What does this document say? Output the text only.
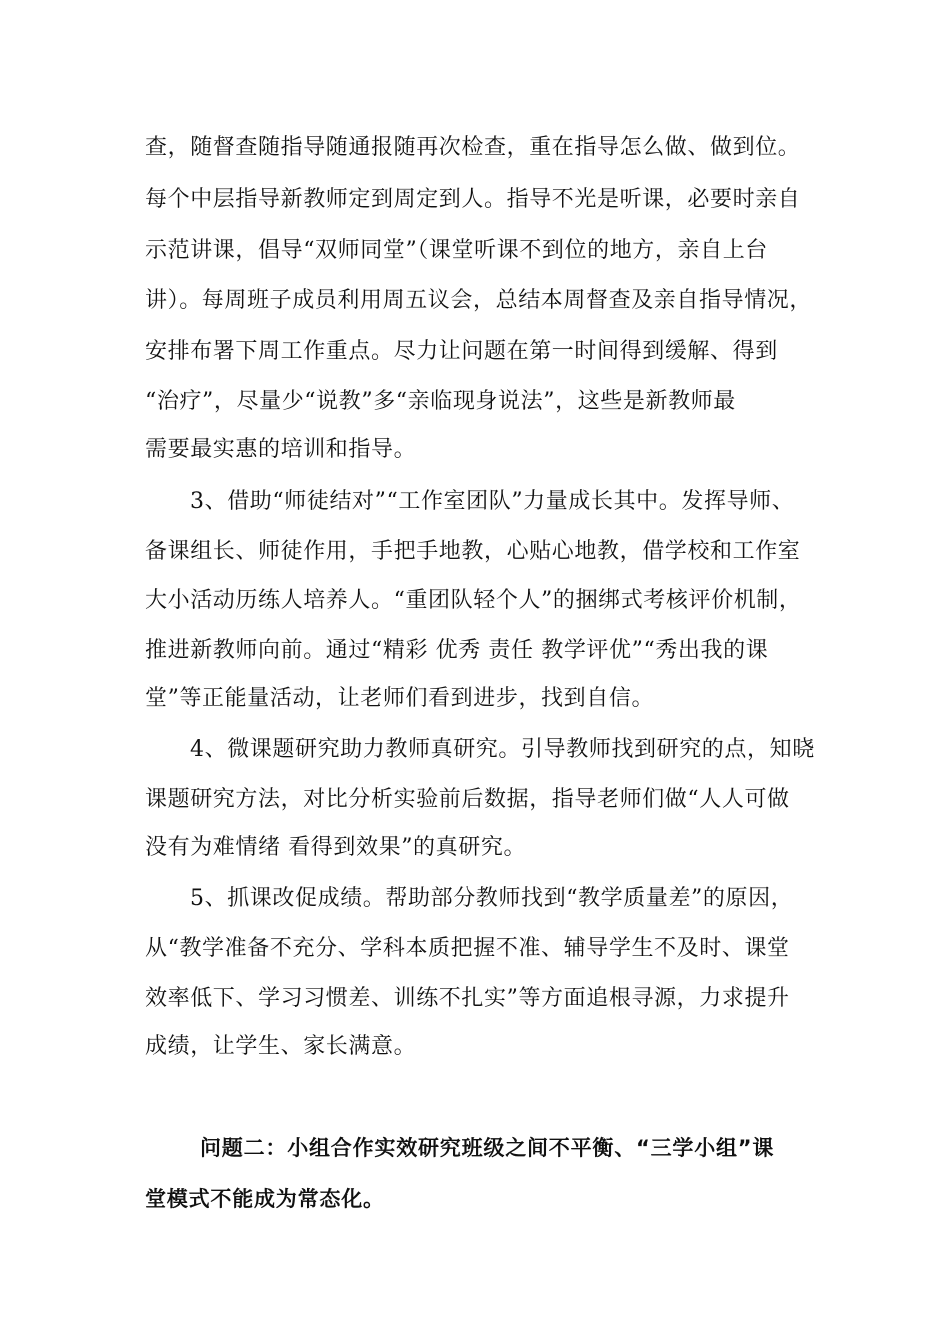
查，随督查随指导随通报随再次检查，重在指导怎么做、做到位。
每个中层指导新教师定到周定到人。指导不光是听课，必要时亲自
示范讲课，倡导“双师同堂”（课堂听课不到位的地方，亲自上台
讲）。每周班子成员利用周五议会，总结本周督查及亲自指导情况，
安排布署下周工作重点。尽力让问题在第一时间得到缓解、得到
“治疗”，尽量少“说教”多“亲临现身说法”，这些是新教师最
需要最实惠的培训和指导。
3、借助“师徒结对”“工作室团队”力量成长其中。发挥导师、
备课组长、师徒作用，手把手地教，心贴心地教，借学校和工作室
大小活动历练人培养人。“重团队轻个人”的捆绑式考核评价机制，
推进新教师向前。通过“精彩 优秀 责任 教学评优”“秀出我的课
堂”等正能量活动，让老师们看到进步，找到自信。
4、微课题研究助力教师真研究。引导教师找到研究的点，知晓
课题研究方法，对比分析实验前后数据，指导老师们做“人人可做
没有为难情绪 看得到效果”的真研究。
5、抓课改促成绩。帮助部分教师找到“教学质量差”的原因，
从“教学准备不充分、学科本质把握不准、辅导学生不及时、课堂
效率低下、学习习惯差、训练不扎实”等方面追根寻源，力求提升
成绩，让学生、家长满意。
问题二：小组合作实效研究班级之间不平衡、“三学小组”课
堂模式不能成为常态化。
